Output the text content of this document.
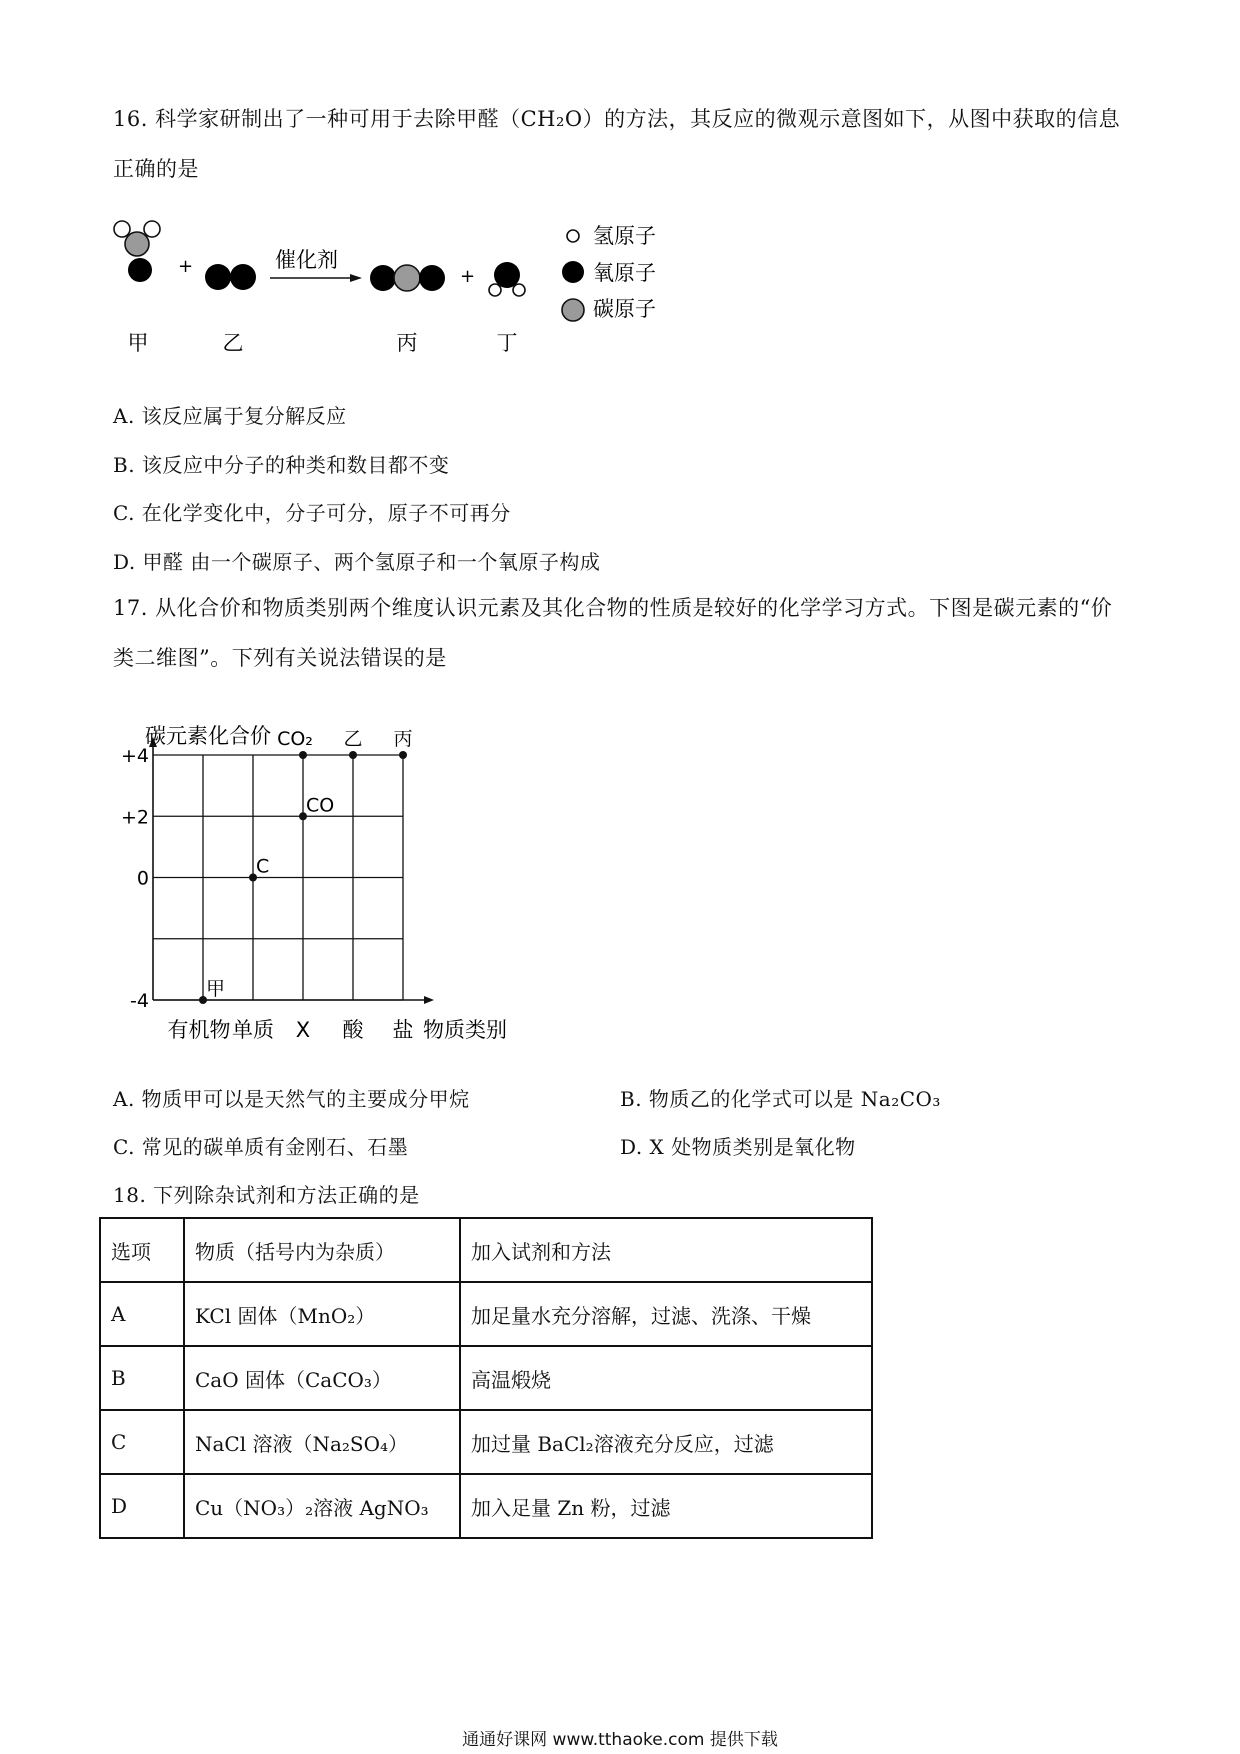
16. 科学家研制出了一种可用于去除甲醛（CH₂O）的方法，其反应的微观示意图如下，从图中获取的信息
正确的是
+	催化剂
+
甲	乙	丙	丁
氢原子
氧原子
碳原子
A. 该反应属于复分解反应
B. 该反应中分子的种类和数目都不变
C. 在化学变化中，分子可分，原子不可再分
D. 甲醛 由一个碳原子、两个氢原子和一个氧原子构成
17. 从化合价和物质类别两个维度认识元素及其化合物的性质是较好的化学学习方式。下图是碳元素的“价
类二维图”。下列有关说法错误的是
+4
+2
0
-4
碳元素化合价
有机物 单质 X 酸 盐 物质类别
甲
C
CO
CO₂ 乙 丙
A. 物质甲可以是天然气的主要成分甲烷	B. 物质乙的化学式可以是 Na₂CO₃
C. 常见的碳单质有金刚石、石墨	D. X 处物质类别是氧化物
18. 下列除杂试剂和方法正确的是
选项	物质（括号内为杂质）	加入试剂和方法
A	KCl 固体（MnO₂）	加足量水充分溶解，过滤、洗涤、干燥
B	CaO 固体（CaCO₃）	高温煅烧
C	NaCl 溶液（Na₂SO₄）	加过量 BaCl₂溶液充分反应，过滤
D	Cu（NO₃）₂溶液 AgNO₃	加入足量 Zn 粉，过滤
通通好课网 www.tthaoke.com 提供下载
